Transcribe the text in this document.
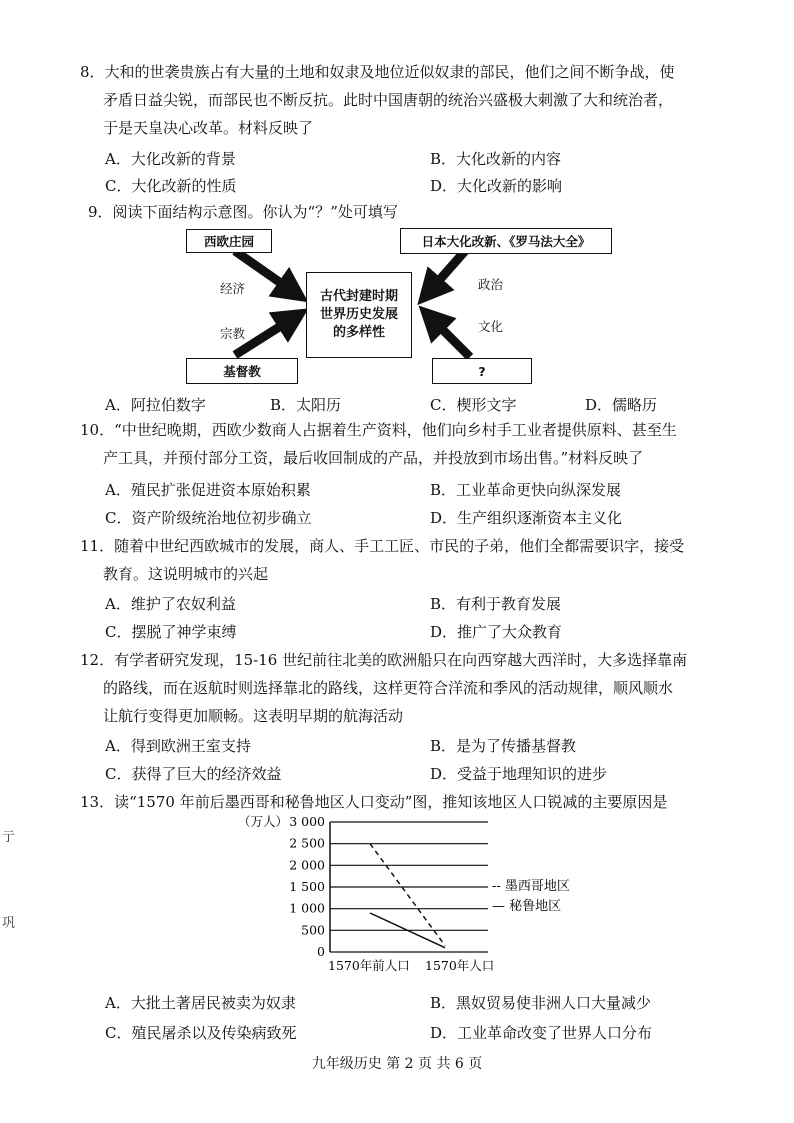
8．大和的世袭贵族占有大量的土地和奴隶及地位近似奴隶的部民，他们之间不断争战，使
矛盾日益尖锐，而部民也不断反抗。此时中国唐朝的统治兴盛极大刺激了大和统治者，
于是天皇决心改革。材料反映了
A．大化改新的背景	B．大化改新的内容
C．大化改新的性质	D．大化改新的影响
9．阅读下面结构示意图。你认为“？”处可填写
西欧庄园	日本大化改新、《罗马法大全》
基督教	?
古代封建时期
世界历史发展
的多样性
经济
宗教
政治
文化
A．阿拉伯数字	B．太阳历	C．楔形文字	D．儒略历
10．“中世纪晚期，西欧少数商人占据着生产资料，他们向乡村手工业者提供原料、甚至生
产工具，并预付部分工资，最后收回制成的产品，并投放到市场出售。”材料反映了
A．殖民扩张促进资本原始积累	B．工业革命更快向纵深发展
C．资产阶级统治地位初步确立	D．生产组织逐渐资本主义化
11．随着中世纪西欧城市的发展，商人、手工工匠、市民的子弟，他们全都需要识字，接受
教育。这说明城市的兴起
A．维护了农奴利益	B．有利于教育发展
C．摆脱了神学束缚	D．推广了大众教育
12．有学者研究发现，15-16 世纪前往北美的欧洲船只在向西穿越大西洋时，大多选择靠南
的路线，而在返航时则选择靠北的路线，这样更符合洋流和季风的活动规律，顺风顺水
让航行变得更加顺畅。这表明早期的航海活动
A．得到欧洲王室支持	B．是为了传播基督教
C．获得了巨大的经济效益	D．受益于地理知识的进步
13．读“1570 年前后墨西哥和秘鲁地区人口变动”图，推知该地区人口锐减的主要原因是
0
500
1 000
1 500
2 000
2 500
3 000
（万人）
1570年前人口 1570年人口
-- 墨西哥地区
— 秘鲁地区
A．大批土著居民被卖为奴隶	B．黑奴贸易使非洲人口大量减少
C．殖民屠杀以及传染病致死	D．工业革命改变了世界人口分布
亍
巩
九年级历史 第 2 页 共 6 页
